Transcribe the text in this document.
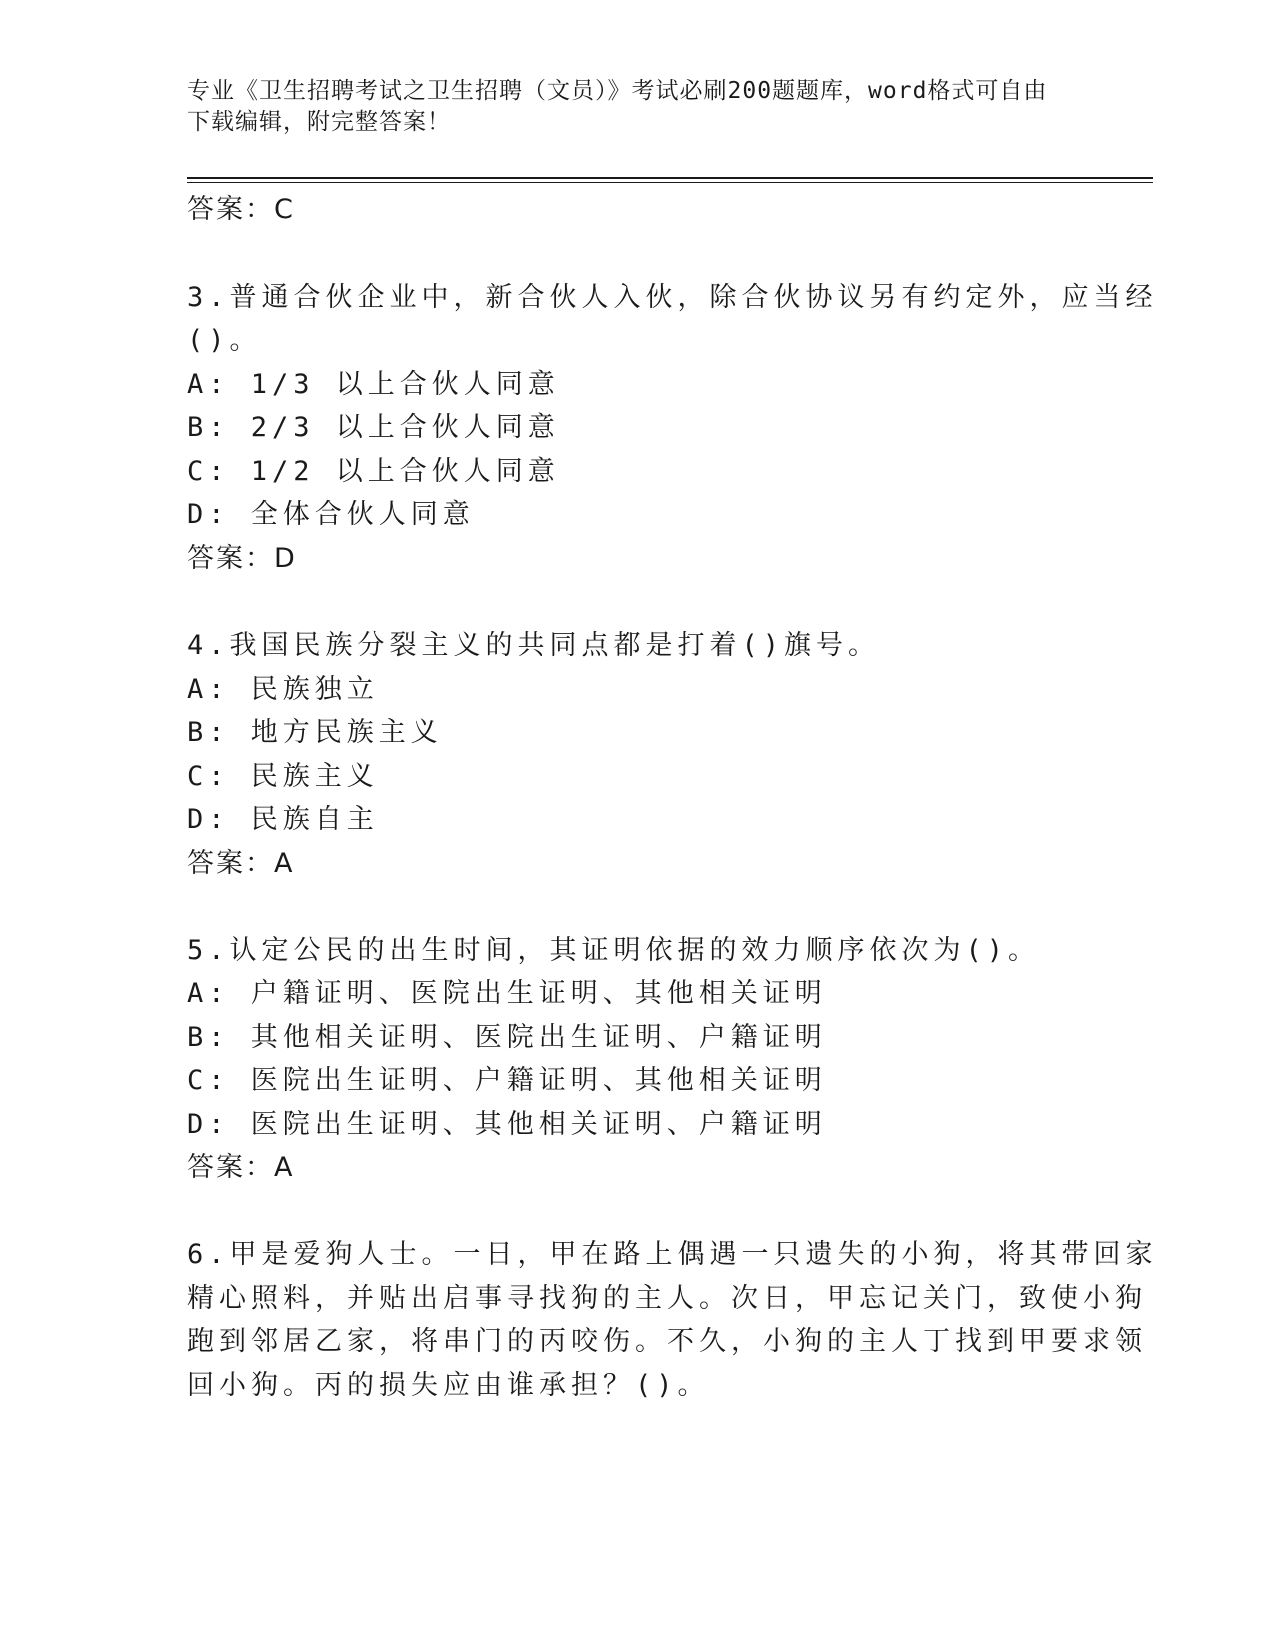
专业《卫生招聘考试之卫生招聘（文员）》考试必刷200题题库，word格式可自由下载编辑，附完整答案！
答案：C
3.普通合伙企业中，新合伙人入伙，除合伙协议另有约定外，应当经
()。
A: 1/3 以上合伙人同意
B: 2/3 以上合伙人同意
C: 1/2 以上合伙人同意
D: 全体合伙人同意
答案：D
4.我国民族分裂主义的共同点都是打着()旗号。
A: 民族独立
B: 地方民族主义
C: 民族主义
D: 民族自主
答案：A
5.认定公民的出生时间，其证明依据的效力顺序依次为()。
A: 户籍证明、医院出生证明、其他相关证明
B: 其他相关证明、医院出生证明、户籍证明
C: 医院出生证明、户籍证明、其他相关证明
D: 医院出生证明、其他相关证明、户籍证明
答案：A
6.甲是爱狗人士。一日，甲在路上偶遇一只遗失的小狗，将其带回家
精心照料，并贴出启事寻找狗的主人。次日，甲忘记关门，致使小狗
跑到邻居乙家，将串门的丙咬伤。不久，小狗的主人丁找到甲要求领
回小狗。丙的损失应由谁承担？()。
